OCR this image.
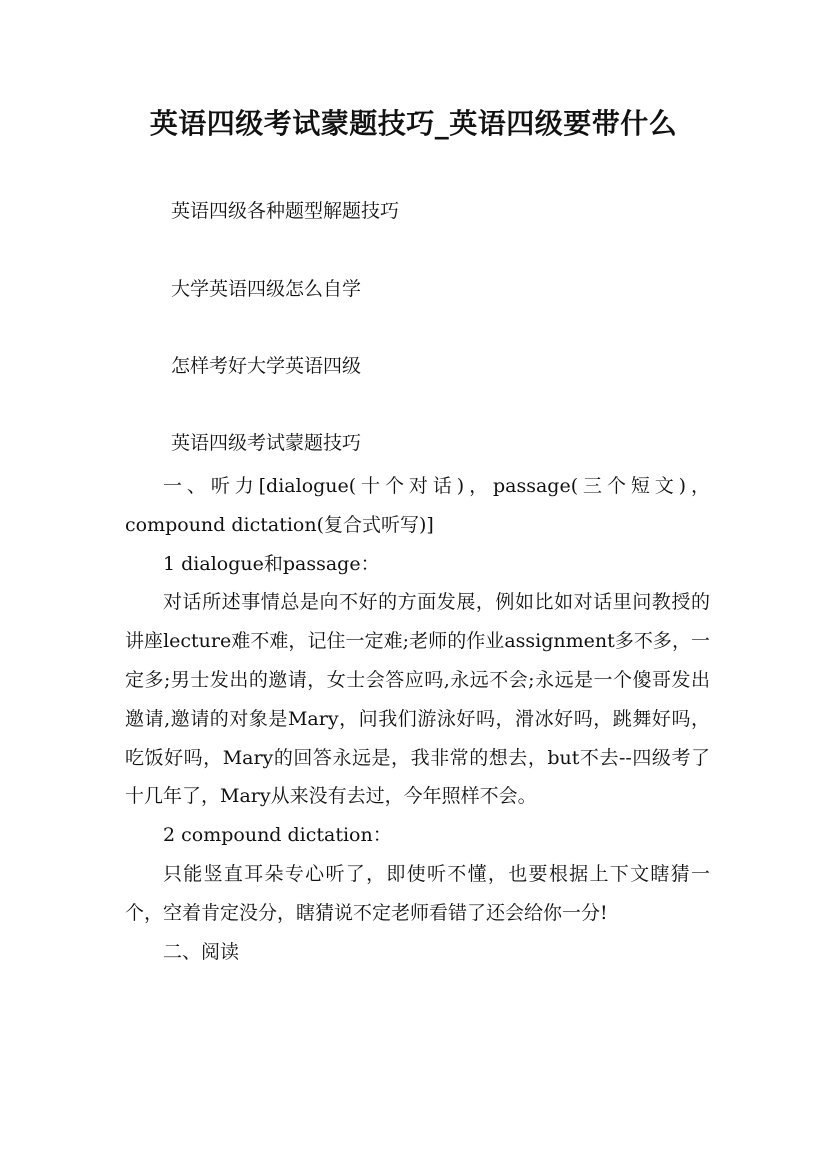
英语四级考试蒙题技巧_英语四级要带什么
英语四级各种题型解题技巧
大学英语四级怎么自学
怎样考好大学英语四级
英语四级考试蒙题技巧

一、听力[dialogue(十个对话)，passage(三个短文)，compound dictation(复合式听写)]

1 dialogue和passage：

对话所述事情总是向不好的方面发展，例如比如对话里问教授的讲座lecture难不难，记住一定难;老师的作业assignment多不多，一定多;男士发出的邀请，女士会答应吗,永远不会;永远是一个傻哥发出邀请,邀请的对象是Mary，问我们游泳好吗，滑冰好吗，跳舞好吗，吃饭好吗，Mary的回答永远是，我非常的想去，but不去--四级考了十几年了，Mary从来没有去过，今年照样不会。

2 compound dictation：

只能竖直耳朵专心听了，即使听不懂，也要根据上下文瞎猜一个，空着肯定没分，瞎猜说不定老师看错了还会给你一分!

二、阅读
